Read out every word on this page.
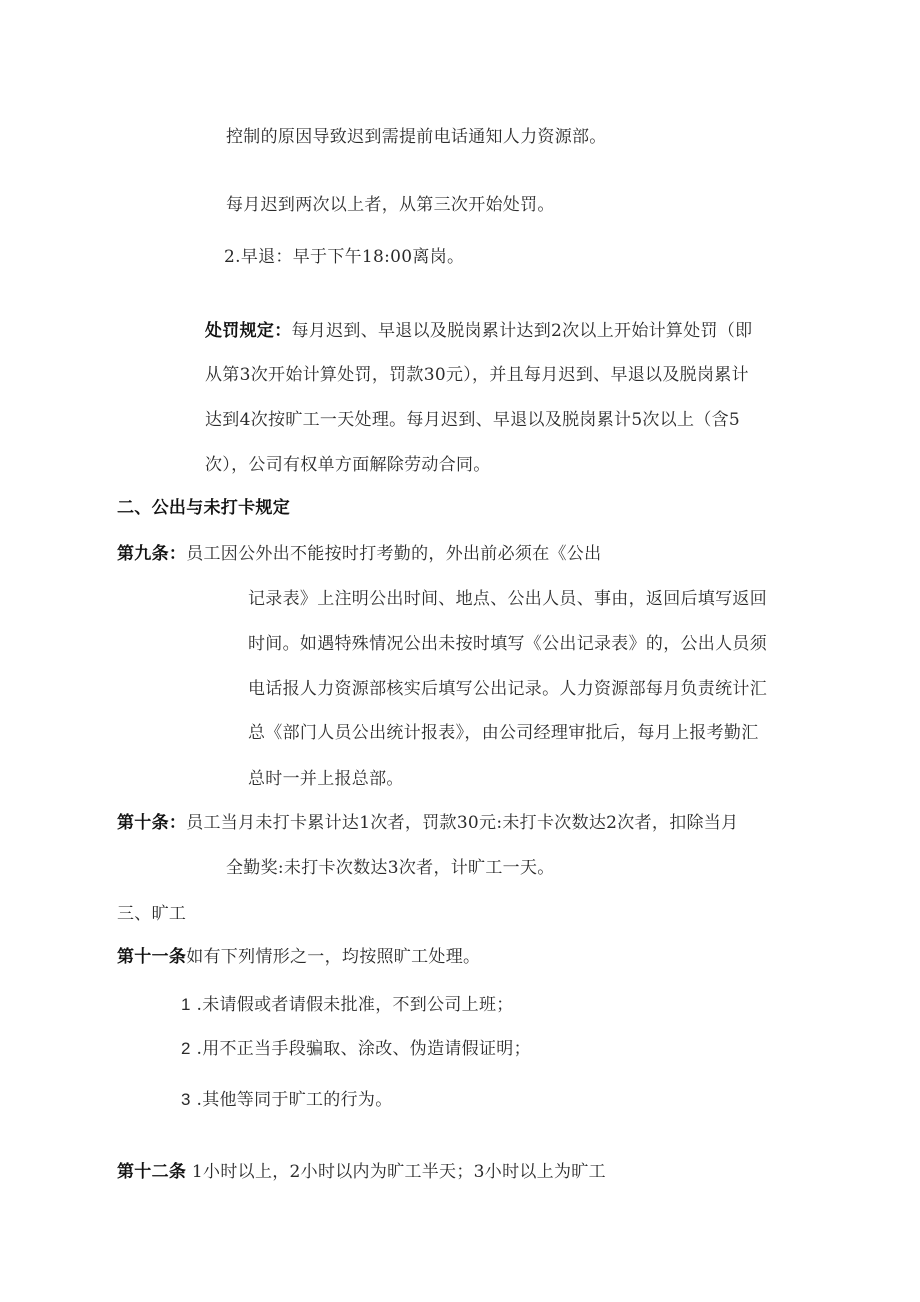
控制的原因导致迟到需提前电话通知人力资源部。
每月迟到两次以上者，从第三次开始处罚。
2.早退：早于下午18:00离岗。
处罚规定：每月迟到、早退以及脱岗累计达到2次以上开始计算处罚（即
从第3次开始计算处罚，罚款30元），并且每月迟到、早退以及脱岗累计
达到4次按旷工一天处理。每月迟到、早退以及脱岗累计5次以上（含5
次），公司有权单方面解除劳动合同。
二、公出与未打卡规定
第九条：员工因公外出不能按时打考勤的，外出前必须在《公出
记录表》上注明公出时间、地点、公出人员、事由，返回后填写返回
时间。如遇特殊情况公出未按时填写《公出记录表》的，公出人员须
电话报人力资源部核实后填写公出记录。人力资源部每月负责统计汇
总《部门人员公出统计报表》，由公司经理审批后，每月上报考勤汇
总时一并上报总部。
第十条：员工当月未打卡累计达1次者，罚款30元:未打卡次数达2次者，扣除当月
全勤奖:未打卡次数达3次者，计旷工一天。
三、旷工
第十一条如有下列情形之一，均按照旷工处理。
1 .未请假或者请假未批准，不到公司上班；
2 .用不正当手段骗取、涂改、伪造请假证明；
3 .其他等同于旷工的行为。
第十二条 1小时以上，2小时以内为旷工半天；3小时以上为旷工
